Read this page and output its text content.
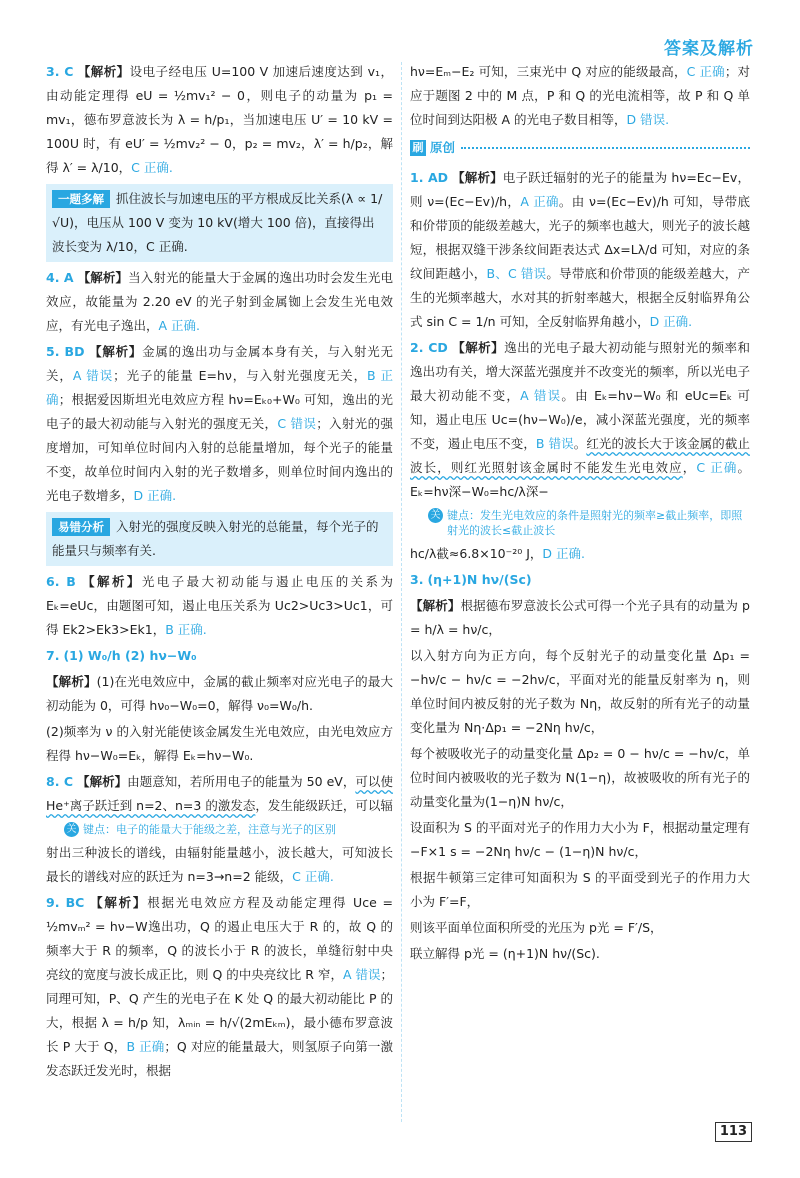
答案及解析

3. C 【解析】设电子经电压 U=100 V 加速后速度达到 v₁，由动能定理得 eU = ½mv₁² − 0，则电子的动量为 p₁ = mv₁，德布罗意波长为 λ = h/p₁，当加速电压 U′ = 10 kV = 100U 时，有 eU′ = ½mv₂² − 0，p₂ = mv₂，λ′ = h/p₂，解得 λ′ = λ/10，C 正确.

一题多解 抓住波长与加速电压的平方根成反比关系(λ ∝ 1/√U)，电压从 100 V 变为 10 kV(增大 100 倍)，直接得出波长变为 λ/10，C 正确.

4. A 【解析】当入射光的能量大于金属的逸出功时会发生光电效应，故能量为 2.20 eV 的光子射到金属铷上会发生光电效应，有光电子逸出，A 正确.

5. BD 【解析】金属的逸出功与金属本身有关，与入射光无关，A 错误；光子的能量 E=hν，与入射光强度无关，B 正确；根据爱因斯坦光电效应方程 hν=Eₖ₀+W₀ 可知，逸出的光电子的最大初动能与入射光的强度无关，C 错误；入射光的强度增加，可知单位时间内入射的总能量增加，每个光子的能量不变，故单位时间内入射的光子数增多，则单位时间内逸出的光电子数增多，D 正确.

易错分析 入射光的强度反映入射光的总能量，每个光子的能量只与频率有关.

6. B 【解析】光电子最大初动能与遏止电压的关系为 Eₖ=eUc，由题图可知，遏止电压关系为 Uc2>Uc3>Uc1，可得 Ek2>Ek3>Ek1，B 正确.

7. (1) W₀/h (2) hν−W₀

【解析】(1)在光电效应中，金属的截止频率对应光电子的最大初动能为 0，可得 hν₀−W₀=0，解得 ν₀=W₀/h.

(2)频率为 ν 的入射光能使该金属发生光电效应，由光电效应方程得 hν−W₀=Eₖ，解得 Eₖ=hν−W₀.

8. C 【解析】由题意知，若所用电子的能量为 50 eV，可以使 He⁺离子跃迁到 n=2、n=3 的激发态，发生能级跃迁，可以辐

关 键点：电子的能量大于能级之差，注意与光子的区别

射出三种波长的谱线，由辐射能量越小，波长越大，可知波长最长的谱线对应的跃迁为 n=3→n=2 能级，C 正确.

9. BC 【解析】根据光电效应方程及动能定理得 Uce = ½mvₘ² = hν−W逸出功，Q 的遏止电压大于 R 的，故 Q 的频率大于 R 的频率，Q 的波长小于 R 的波长，单缝衍射中央亮纹的宽度与波长成正比，则 Q 的中央亮纹比 R 窄，A 错误；同理可知，P、Q 产生的光电子在 K 处 Q 的最大初动能比 P 的大，根据 λ = h/p 知，λₘᵢₙ = h/√(2mEₖₘ)，最小德布罗意波长 P 大于 Q，B 正确；Q 对应的能量最大，则氢原子向第一激发态跃迁发光时，根据

hν=Eₘ−E₂ 可知，三束光中 Q 对应的能级最高，C 正确；对应于题图 2 中的 M 点，P 和 Q 的光电流相等，故 P 和 Q 单位时间到达阳极 A 的光电子数目相等，D 错误.

刷 原创

1. AD 【解析】电子跃迁辐射的光子的能量为 hν=Ec−Ev，则 ν=(Ec−Ev)/h，A 正确。由 ν=(Ec−Ev)/h 可知，导带底和价带顶的能级差越大，光子的频率也越大，则光子的波长越短，根据双缝干涉条纹间距表达式 Δx=Lλ/d 可知，对应的条纹间距越小，B、C 错误。导带底和价带顶的能级差越大，产生的光频率越大，水对其的折射率越大，根据全反射临界角公式 sin C = 1/n 可知，全反射临界角越小，D 正确.

2. CD 【解析】逸出的光电子最大初动能与照射光的频率和逸出功有关，增大深蓝光强度并不改变光的频率，所以光电子最大初动能不变，A 错误。由 Eₖ=hν−W₀ 和 eUc=Eₖ 可知，遏止电压 Uc=(hν−W₀)/e，减小深蓝光强度，光的频率不变，遏止电压不变，B 错误。红光的波长大于该金属的截止波长，则红光照射该金属时不能发生光电效应，C 正确。Eₖ=hν深−W₀=hc/λ深−

关 键点：发生光电效应的条件是照射光的频率≥截止频率，即照射光的波长≤截止波长

hc/λ截≈6.8×10⁻²⁰ J，D 正确.

3. (η+1)N hν/(Sc)

【解析】根据德布罗意波长公式可得一个光子具有的动量为 p = h/λ = hν/c，

以入射方向为正方向，每个反射光子的动量变化量 Δp₁ = −hν/c − hν/c = −2hν/c，平面对光的能量反射率为 η，则单位时间内被反射的光子数为 Nη，故反射的所有光子的动量变化量为 Nη·Δp₁ = −2Nη hν/c，

每个被吸收光子的动量变化量 Δp₂ = 0 − hν/c = −hν/c，单位时间内被吸收的光子数为 N(1−η)，故被吸收的所有光子的动量变化量为(1−η)N hν/c，

设面积为 S 的平面对光子的作用力大小为 F，根据动量定理有 −F×1 s = −2Nη hν/c − (1−η)N hν/c，

根据牛顿第三定律可知面积为 S 的平面受到光子的作用力大小为 F′=F，

则该平面单位面积所受的光压为 p光 = F′/S，

联立解得 p光 = (η+1)N hν/(Sc).

113
